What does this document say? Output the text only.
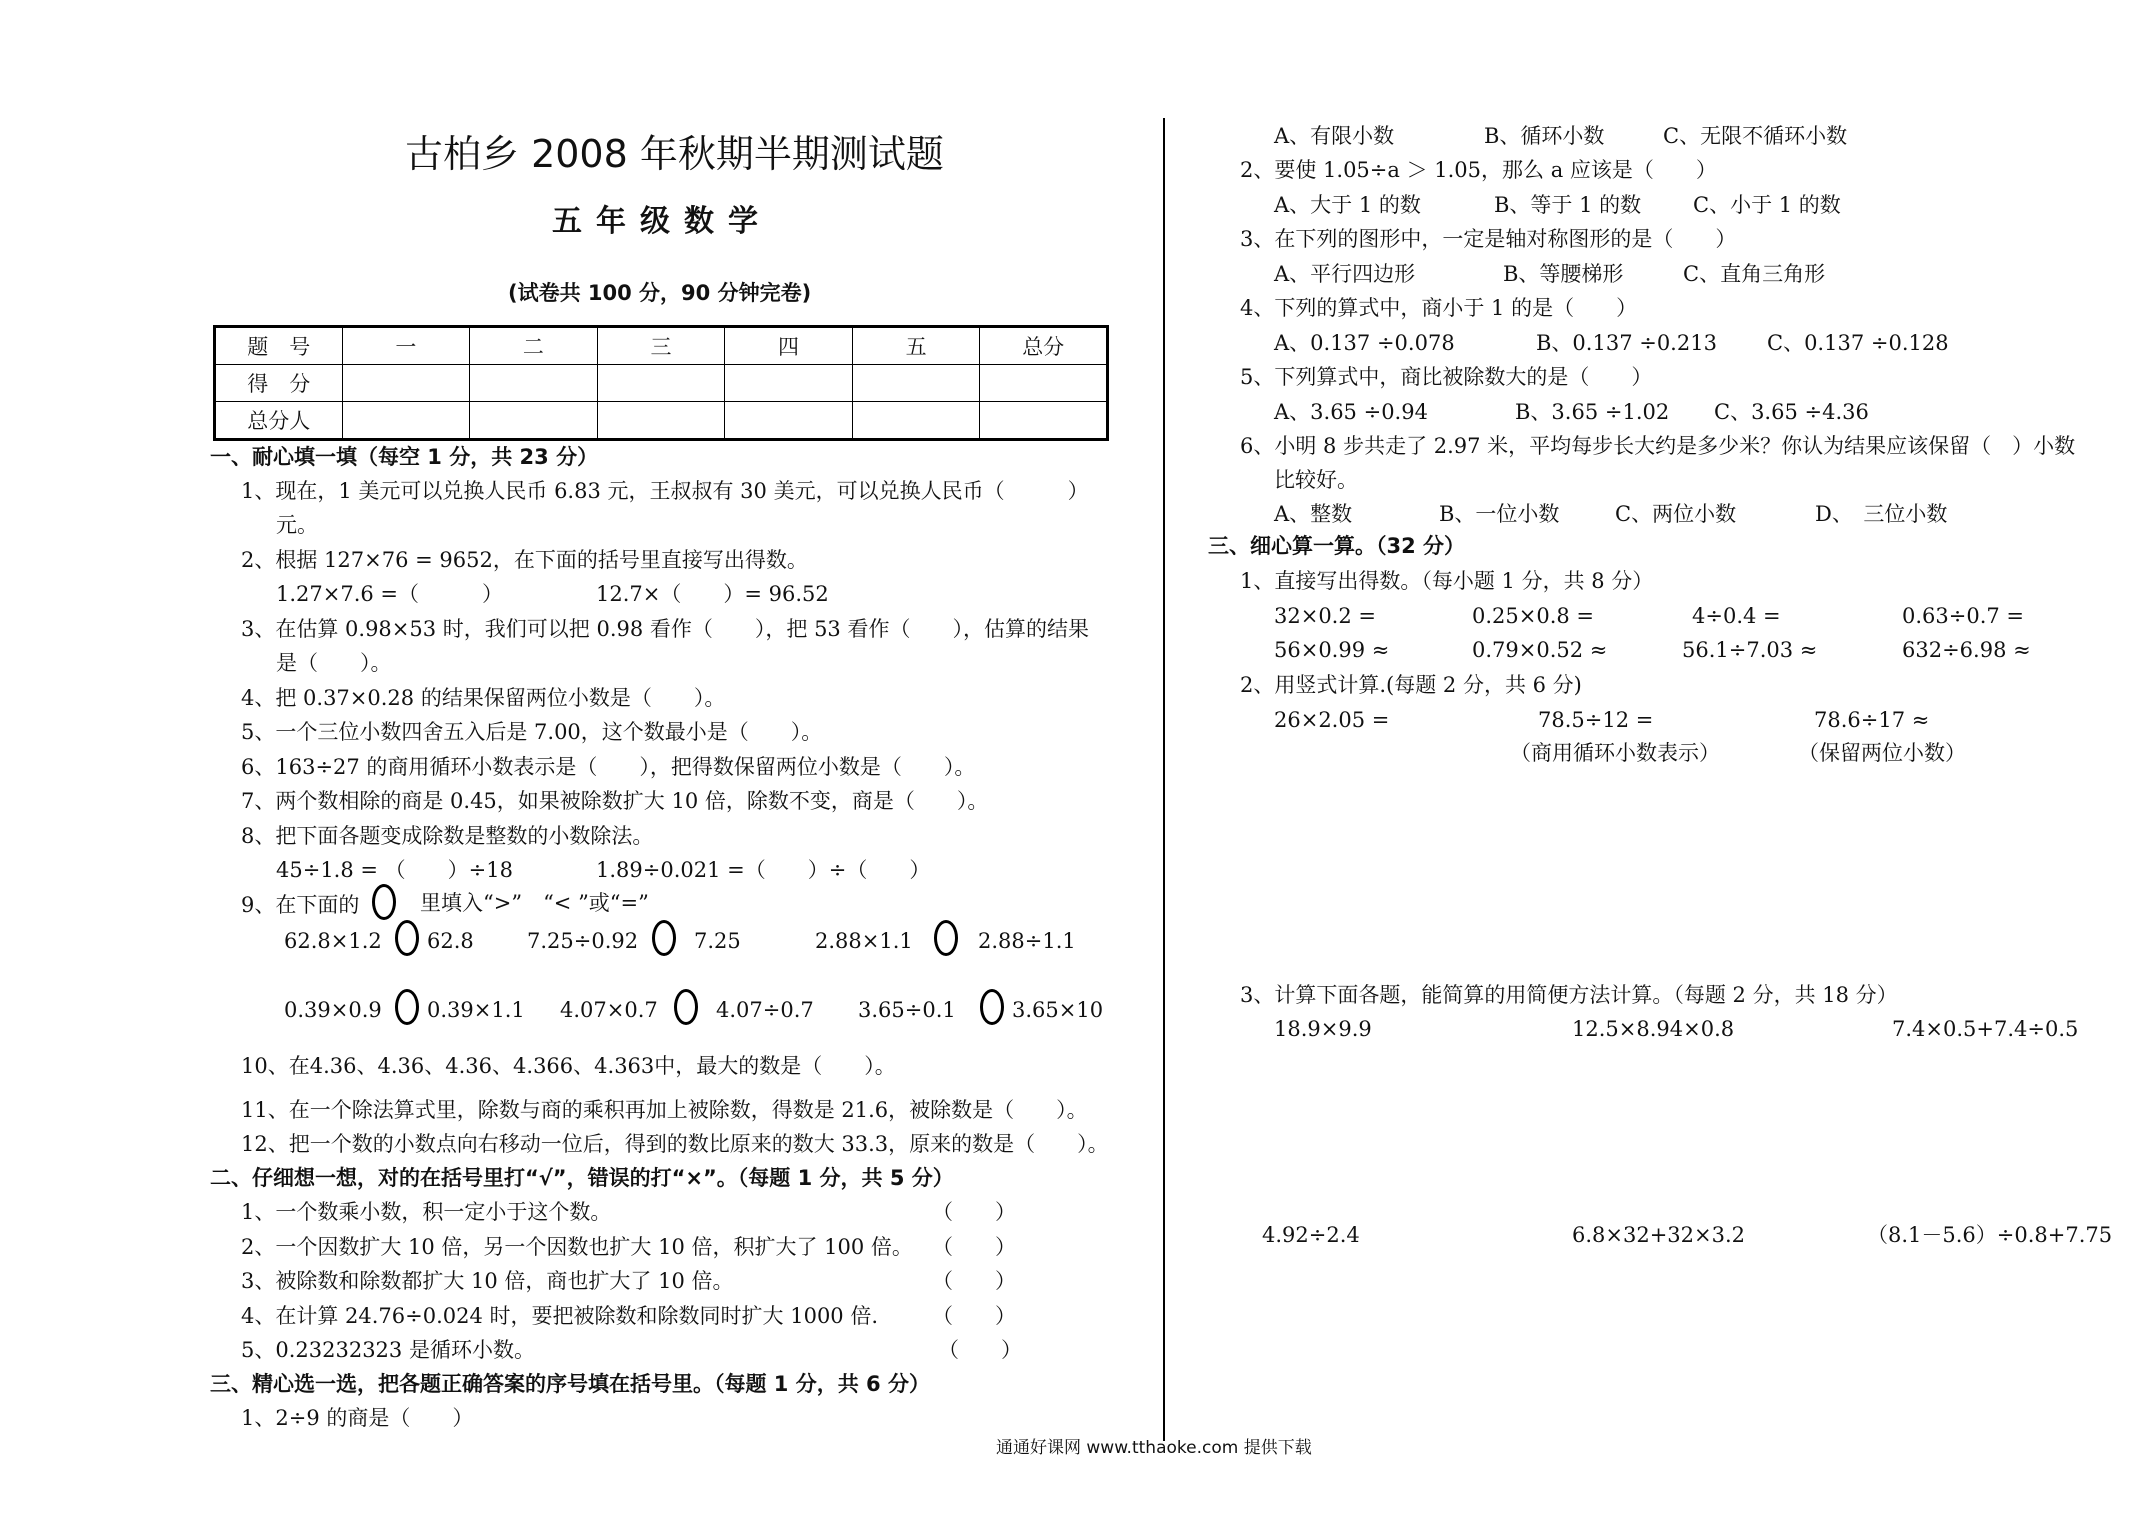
古柏乡 2008 年秋期半期测试题
五年级数学
(试卷共 100 分，90 分钟完卷)
题　号	一	二	三	四	五	总分
得　分						
总分人						
一、耐心填一填（每空 1 分，共 23 分）
1、现在，1 美元可以兑换人民币 6.83 元，王叔叔有 30 美元，可以兑换人民币（　　　）
元。
2、根据 127×76 = 9652，在下面的括号里直接写出得数。
1.27×7.6 =（　　　）	12.7×（　　）= 96.52
3、在估算 0.98×53 时，我们可以把 0.98 看作（　　），把 53 看作（　　），估算的结果
是（　　）。
4、把 0.37×0.28 的结果保留两位小数是（　　）。
5、一个三位小数四舍五入后是 7.00，这个数最小是（　　）。
6、163÷27 的商用循环小数表示是（　　），把得数保留两位小数是（　　）。
7、两个数相除的商是 0.45，如果被除数扩大 10 倍，除数不变，商是（　　）。
8、把下面各题变成除数是整数的小数除法。
45÷1.8 = （　　）÷18	1.89÷0.021 =（　　）÷（　　）
9、在下面的	里填入“>”　“< ”或“=”
62.8×1.2 62.8	7.25÷0.92	7.25	2.88×1.1	2.88÷1.1
0.39×0.9 0.39×1.1 4.07×0.7	4.07÷0.7 3.65÷0.1	3.65×10
10、在4.36、4.36、4.36、4.366、4.363中，最大的数是（　　）。
11、在一个除法算式里，除数与商的乘积再加上被除数，得数是 21.6，被除数是（　　）。
12、把一个数的小数点向右移动一位后，得到的数比原来的数大 33.3，原来的数是（　　）。
二、仔细想一想，对的在括号里打“√”，错误的打“×”。（每题 1 分，共 5 分）
1、一个数乘小数，积一定小于这个数。	（　　）
2、一个因数扩大 10 倍，另一个因数也扩大 10 倍，积扩大了 100 倍。 （　　）
3、被除数和除数都扩大 10 倍，商也扩大了 10 倍。	（　　）
4、在计算 24.76÷0.024 时，要把被除数和除数同时扩大 1000 倍.	（　　）
5、0.23232323 是循环小数。	（　　）
三、精心选一选，把各题正确答案的序号填在括号里。（每题 1 分，共 6 分）
1、2÷9 的商是（　　）
A、有限小数	B、循环小数	C、无限不循环小数
2、要使 1.05÷a ＞ 1.05，那么 a 应该是（　　）
A、大于 1 的数	B、等于 1 的数 C、小于 1 的数
3、在下列的图形中，一定是轴对称图形的是（　　）
A、平行四边形	B、等腰梯形	C、直角三角形
4、下列的算式中，商小于 1 的是（　　）
A、0.137 ÷0.078	B、0.137 ÷0.213 C、0.137 ÷0.128
5、下列算式中，商比被除数大的是（　　）
A、3.65 ÷0.94	B、3.65 ÷1.02 C、3.65 ÷4.36
6、小明 8 步共走了 2.97 米，平均每步长大约是多少米？你认为结果应该保留（　）小数
比较好。
A、整数	B、一位小数	C、两位小数	D、　三位小数
三、细心算一算。（32 分）
1、直接写出得数。（每小题 1 分，共 8 分）
32×0.2 =	0.25×0.8 =	4÷0.4 =	0.63÷0.7 =
56×0.99 ≈	0.79×0.52 ≈	56.1÷7.03 ≈	632÷6.98 ≈
2、用竖式计算.(每题 2 分，共 6 分)
26×2.05 =	78.5÷12 =	78.6÷17 ≈
（商用循环小数表示）	（保留两位小数）
3、计算下面各题，能简算的用简便方法计算。（每题 2 分，共 18 分）
18.9×9.9	12.5×8.94×0.8	7.4×0.5+7.4÷0.5
4.92÷2.4	6.8×32+32×3.2	（8.1－5.6）÷0.8+7.75
通通好课网 www.tthaoke.com 提供下载
